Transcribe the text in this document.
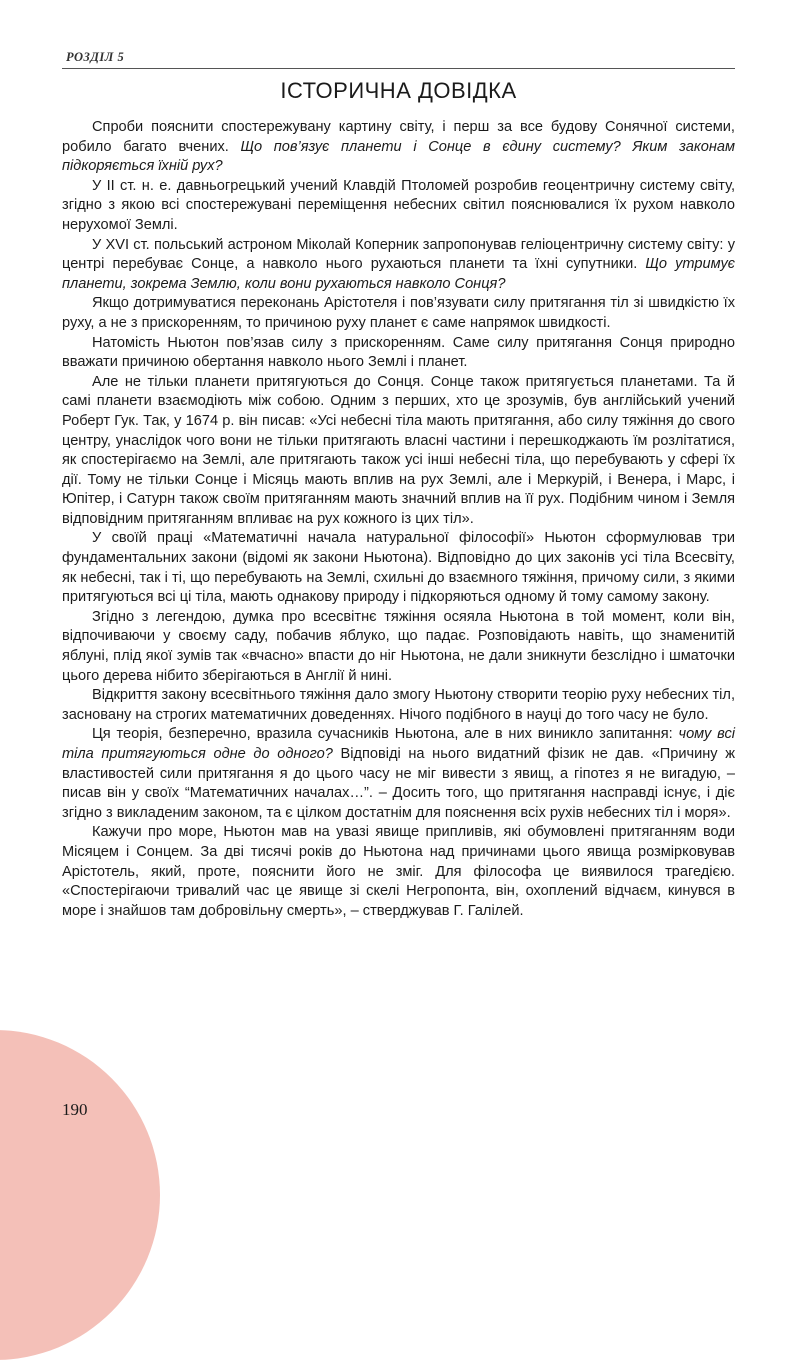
РОЗДІЛ 5
ІСТОРИЧНА ДОВІДКА

Спроби пояснити спостережувану картину світу, і перш за все будову Сонячної системи, робило багато вчених. Що пов’язує планети і Сонце в єдину систему? Яким законам підкоряється їхній рух?

У ІІ ст. н. е. давньогрецький учений Клавдій Птоломей розробив геоцентричну систему світу, згідно з якою всі спостережувані переміщення небесних світил пояснювалися їх рухом навколо нерухомої Землі.

У XVI ст. польський астроном Міколай Коперник запропонував геліоцентричну систему світу: у центрі перебуває Сонце, а навколо нього рухаються планети та їхні супутники. Що утримує планети, зокрема Землю, коли вони рухаються навколо Сонця?

Якщо дотримуватися переконань Арістотеля і пов’язувати силу притягання тіл зі швидкістю їх руху, а не з прискоренням, то причиною руху планет є саме напрямок швидкості.

Натомість Ньютон пов’язав силу з прискоренням. Саме силу притягання Сонця природно вважати причиною обертання навколо нього Землі і планет.

Але не тільки планети притягуються до Сонця. Сонце також притягується планетами. Та й самі планети взаємодіють між собою. Одним з перших, хто це зрозумів, був англійський учений Роберт Гук. Так, у 1674 р. він писав: «Усі небесні тіла мають притягання, або силу тяжіння до свого центру, унаслідок чого вони не тільки притягають власні частини і перешкоджають їм розлітатися, як спостерігаємо на Землі, але притягають також усі інші небесні тіла, що перебувають у сфері їх дії. Тому не тільки Сонце і Місяць мають вплив на рух Землі, але і Меркурій, і Венера, і Марс, і Юпітер, і Сатурн також своїм притяганням мають значний вплив на її рух. Подібним чином і Земля відповідним притяганням впливає на рух кожного із цих тіл».

У своїй праці «Математичні начала натуральної філософії» Ньютон сформулював три фундаментальних закони (відомі як закони Ньютона). Відповідно до цих законів усі тіла Всесвіту, як небесні, так і ті, що перебувають на Землі, схильні до взаємного тяжіння, причому сили, з якими притягуються всі ці тіла, мають однакову природу і підкоряються одному й тому самому закону.

Згідно з легендою, думка про всесвітнє тяжіння осяяла Ньютона в той момент, коли він, відпочиваючи у своєму саду, побачив яблуко, що падає. Розповідають навіть, що знаменитій яблуні, плід якої зумів так «вчасно» впасти до ніг Ньютона, не дали зникнути безслідно і шматочки цього дерева нібито зберігаються в Англії й нині.

Відкриття закону всесвітнього тяжіння дало змогу Ньютону створити теорію руху небесних тіл, засновану на строгих математичних доведеннях. Нічого подібного в науці до того часу не було.

Ця теорія, безперечно, вразила сучасників Ньютона, але в них виникло запитання: чому всі тіла притягуються одне до одного? Відповіді на нього видатний фізик не дав. «Причину ж властивостей сили притягання я до цього часу не міг вивести з явищ, а гіпотез я не вигадую, – писав він у своїх “Математичних началах…”. – Досить того, що притягання насправді існує, і діє згідно з викладеним законом, та є цілком достатнім для пояснення всіх рухів небесних тіл і моря».

Кажучи про море, Ньютон мав на увазі явище припливів, які обумовлені притяганням води Місяцем і Сонцем. За дві тисячі років до Ньютона над причинами цього явища розмірковував Арістотель, який, проте, пояснити його не зміг. Для філософа це виявилося трагедією. «Спостерігаючи тривалий час це явище зі скелі Негропонта, він, охоплений відчаєм, кинувся в море і знайшов там добровільну смерть», – стверджував Г. Галілей.

190
